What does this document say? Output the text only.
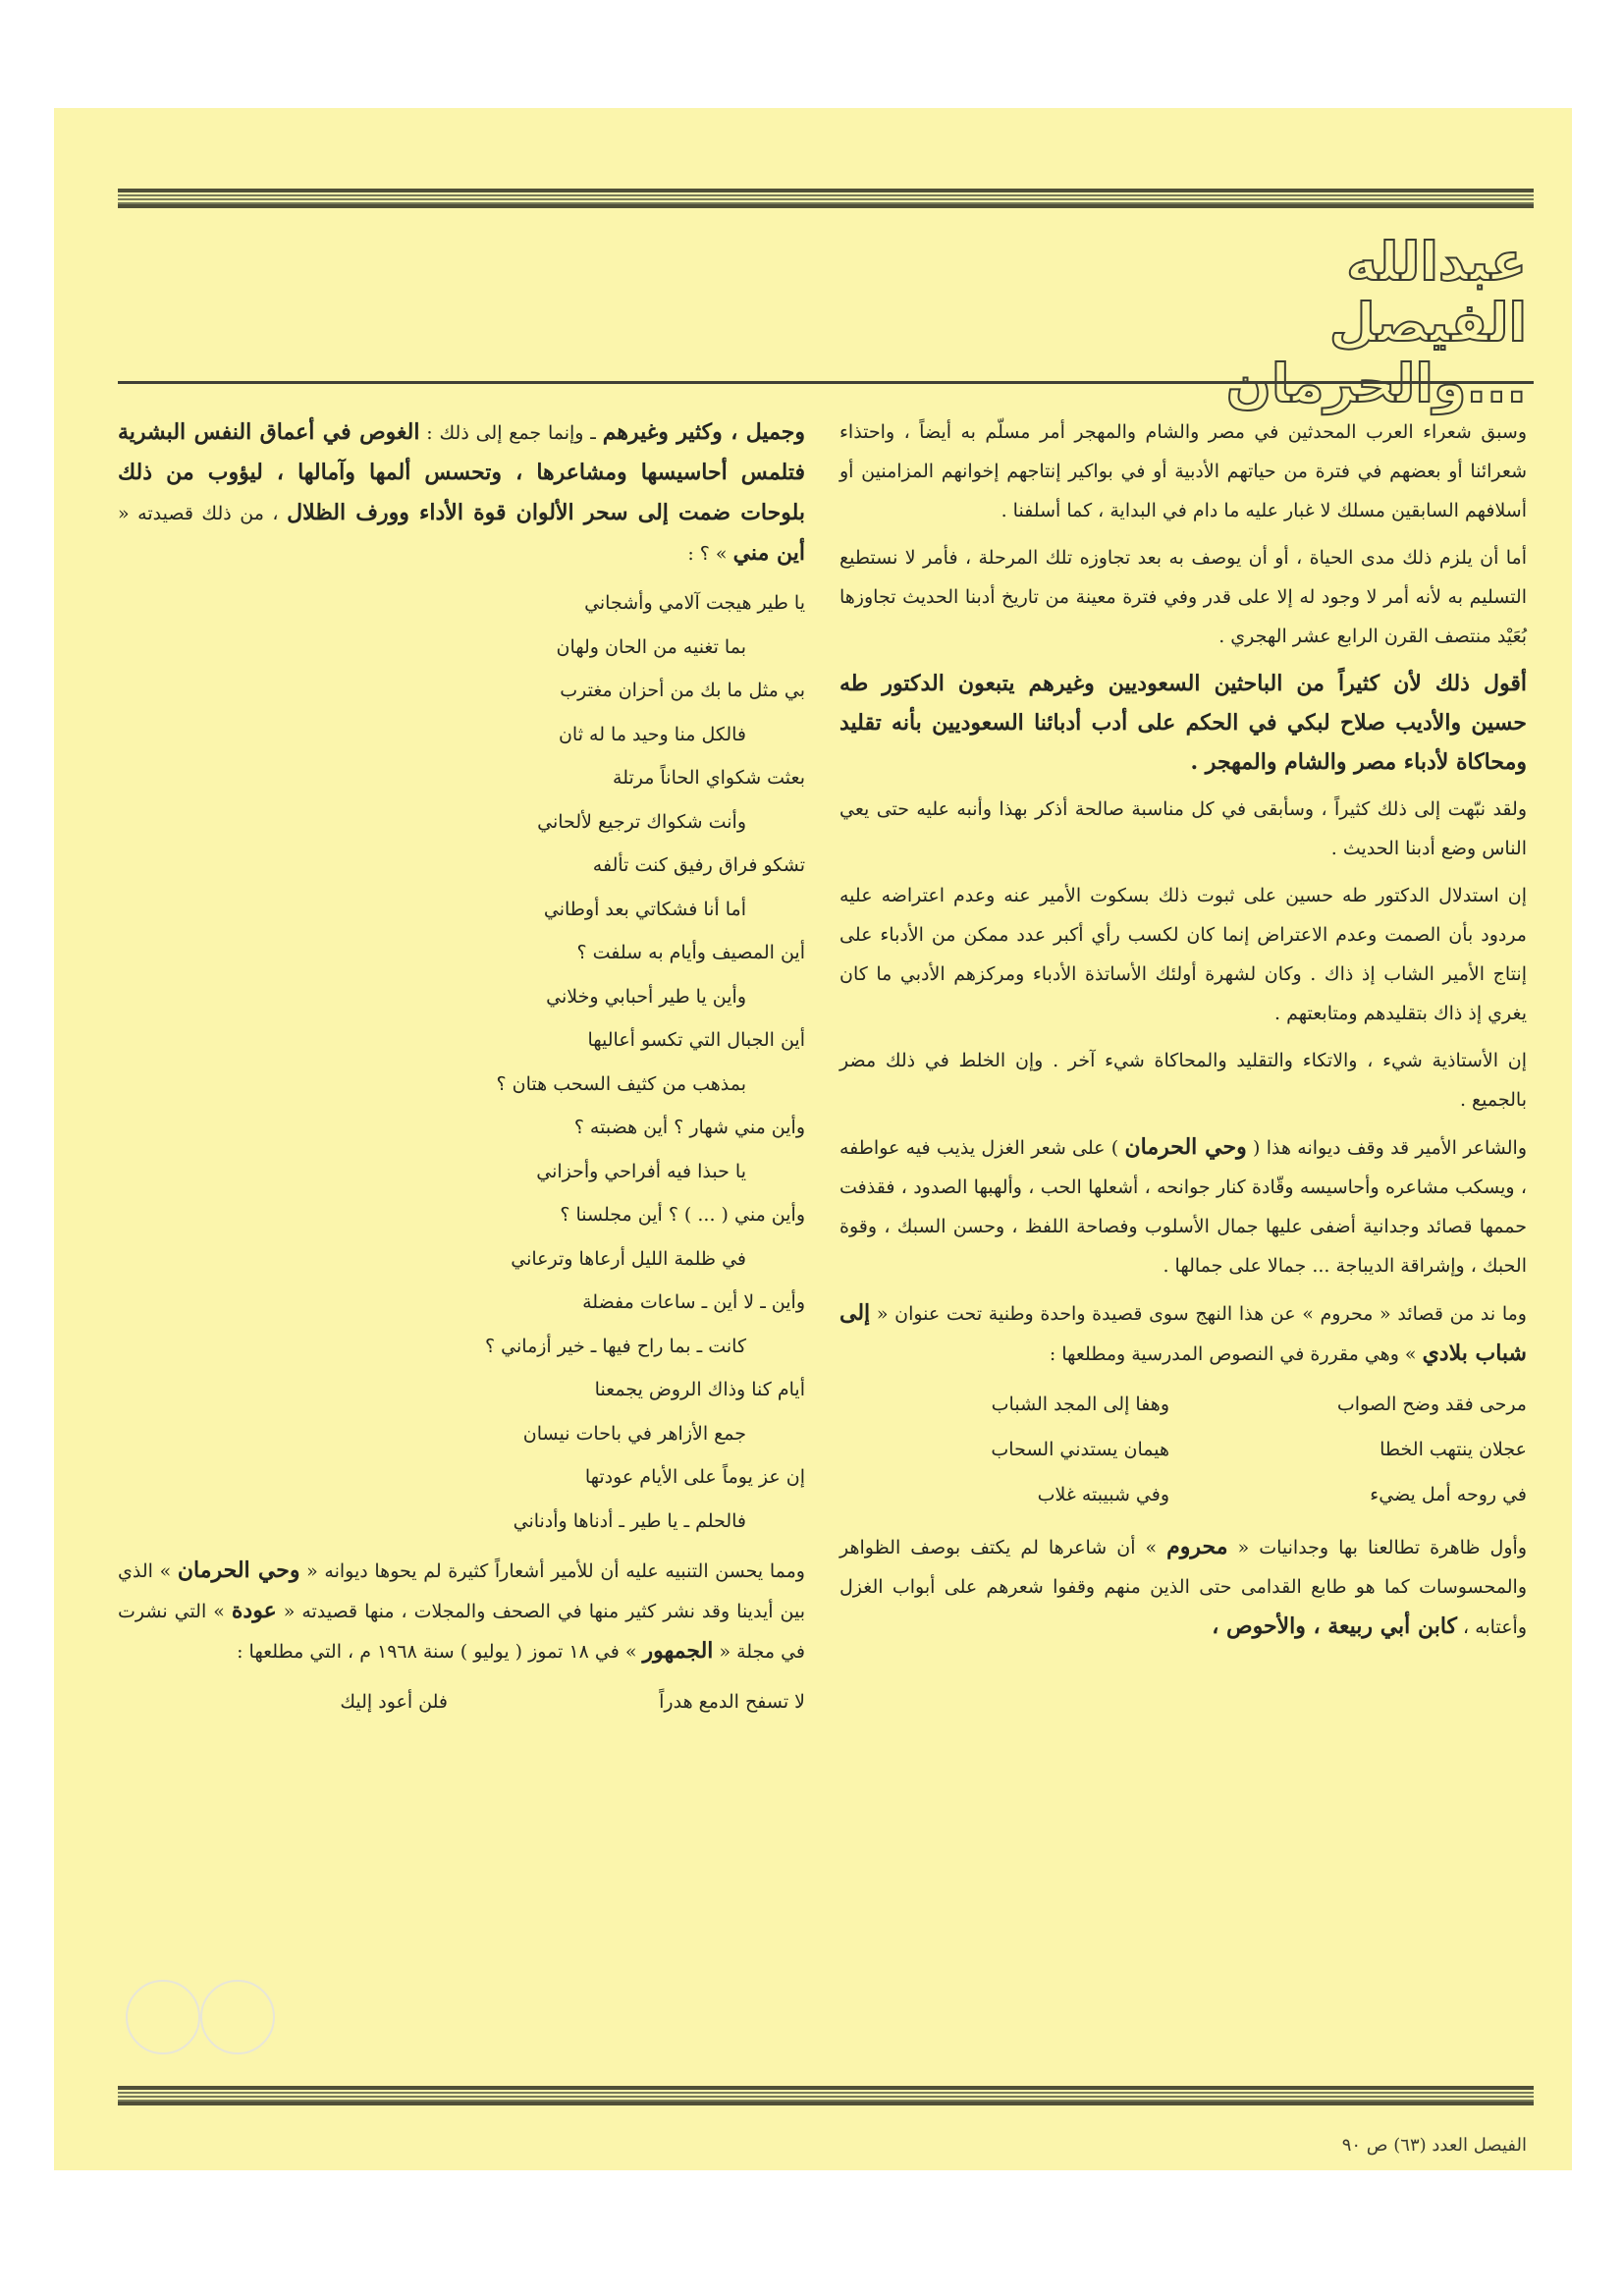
عبدالله الفيصل
...والحرمان

وسبق شعراء العرب المحدثين في مصر والشام والمهجر أمر مسلّم به أيضاً ، واحتذاء شعرائنا أو بعضهم في فترة من حياتهم الأدبية أو في بواكير إنتاجهم إخوانهم المزامنين أو أسلافهم السابقين مسلك لا غبار عليه ما دام في البداية ، كما أسلفنا .

أما أن يلزم ذلك مدى الحياة ، أو أن يوصف به بعد تجاوزه تلك المرحلة ، فأمر لا نستطيع التسليم به لأنه أمر لا وجود له إلا على قدر وفي فترة معينة من تاريخ أدبنا الحديث تجاوزها بُعَيْد منتصف القرن الرابع عشر الهجري .

أقول ذلك لأن كثيراً من الباحثين السعوديين وغيرهم يتبعون الدكتور طه حسين والأديب صلاح لبكي في الحكم على أدب أدبائنا السعوديين بأنه تقليد ومحاكاة لأدباء مصر والشام والمهجر .

ولقد نبّهت إلى ذلك كثيراً ، وسأبقى في كل مناسبة صالحة أذكر بهذا وأنبه عليه حتى يعي الناس وضع أدبنا الحديث .

إن استدلال الدكتور طه حسين على ثبوت ذلك بسكوت الأمير عنه وعدم اعتراضه عليه مردود بأن الصمت وعدم الاعتراض إنما كان لكسب رأي أكبر عدد ممكن من الأدباء على إنتاج الأمير الشاب إذ ذاك . وكان لشهرة أولئك الأساتذة الأدباء ومركزهم الأدبي ما كان يغري إذ ذاك بتقليدهم ومتابعتهم .

إن الأستاذية شيء ، والاتكاء والتقليد والمحاكاة شيء آخر . وإن الخلط في ذلك مضر بالجميع .

والشاعر الأمير قد وقف ديوانه هذا ( وحي الحرمان ) على شعر الغزل يذيب فيه عواطفه ، ويسكب مشاعره وأحاسيسه وقّادة كنار جوانحه ، أشعلها الحب ، وألهبها الصدود ، فقذفت حممها قصائد وجدانية أضفى عليها جمال الأسلوب وفصاحة اللفظ ، وحسن السبك ، وقوة الحبك ، وإشراقة الديباجة ... جمالا على جمالها .

وما ند من قصائد « محروم » عن هذا النهج سوى قصيدة واحدة وطنية تحت عنوان « إلى شباب بلادي » وهي مقررة في النصوص المدرسية ومطلعها :

مرحى فقد وضح الصواب
وهفا إلى المجد الشباب
عجلان ينتهب الخطا
هيمان يستدني السحاب
في روحه أمل يضيء
وفي شبيبته غلاب

وأول ظاهرة تطالعنا بها وجدانيات « محروم » أن شاعرها لم يكتف بوصف الظواهر والمحسوسات كما هو طابع القدامى حتى الذين منهم وقفوا شعرهم على أبواب الغزل وأعتابه ، كابن أبي ربيعة ، والأحوص ،

وجميل ، وكثير وغيرهم ـ وإنما جمع إلى ذلك : الغوص في أعماق النفس البشرية فتلمس أحاسيسها ومشاعرها ، وتحسس ألمها وآمالها ، ليؤوب من ذلك بلوحات ضمت إلى سحر الألوان قوة الأداء وورف الظلال ، من ذلك قصيدته « أين مني » ؟ :

يا طير هيجت آلامي وأشجاني
بما تغنيه من الحان ولهان
بي مثل ما بك من أحزان مغترب
فالكل منا وحيد ما له ثان
بعثت شكواي الحاناً مرتلة
وأنت شكواك ترجيع لألحاني
تشكو فراق رفيق كنت تألفه
أما أنا فشكاتي بعد أوطاني
أين المصيف وأيام به سلفت ؟
وأين يا طير أحبابي وخلاني
أين الجبال التي تكسو أعاليها
بمذهب من كثيف السحب هتان ؟
وأين مني شهار ؟ أين هضبته ؟
يا حبذا فيه أفراحي وأحزاني
وأين مني ( ... ) ؟ أين مجلسنا ؟
في ظلمة الليل أرعاها وترعاني
وأين ـ لا أين ـ ساعات مفضلة
كانت ـ بما راح فيها ـ خير أزماني ؟
أيام كنا وذاك الروض يجمعنا
جمع الأزاهر في باحات نيسان
إن عز يوماً على الأيام عودتها
فالحلم ـ يا طير ـ أدناها وأدناني

ومما يحسن التنبيه عليه أن للأمير أشعاراً كثيرة لم يحوها ديوانه « وحي الحرمان » الذي بين أيدينا وقد نشر كثير منها في الصحف والمجلات ، منها قصيدته « عودة » التي نشرت في مجلة « الجمهور » في ١٨ تموز ( يوليو ) سنة ١٩٦٨ م ، التي مطلعها :

لا تسفح الدمع هدراً
فلن أعود إليك
الفيصل العدد (٦٣) ص ٩٠
